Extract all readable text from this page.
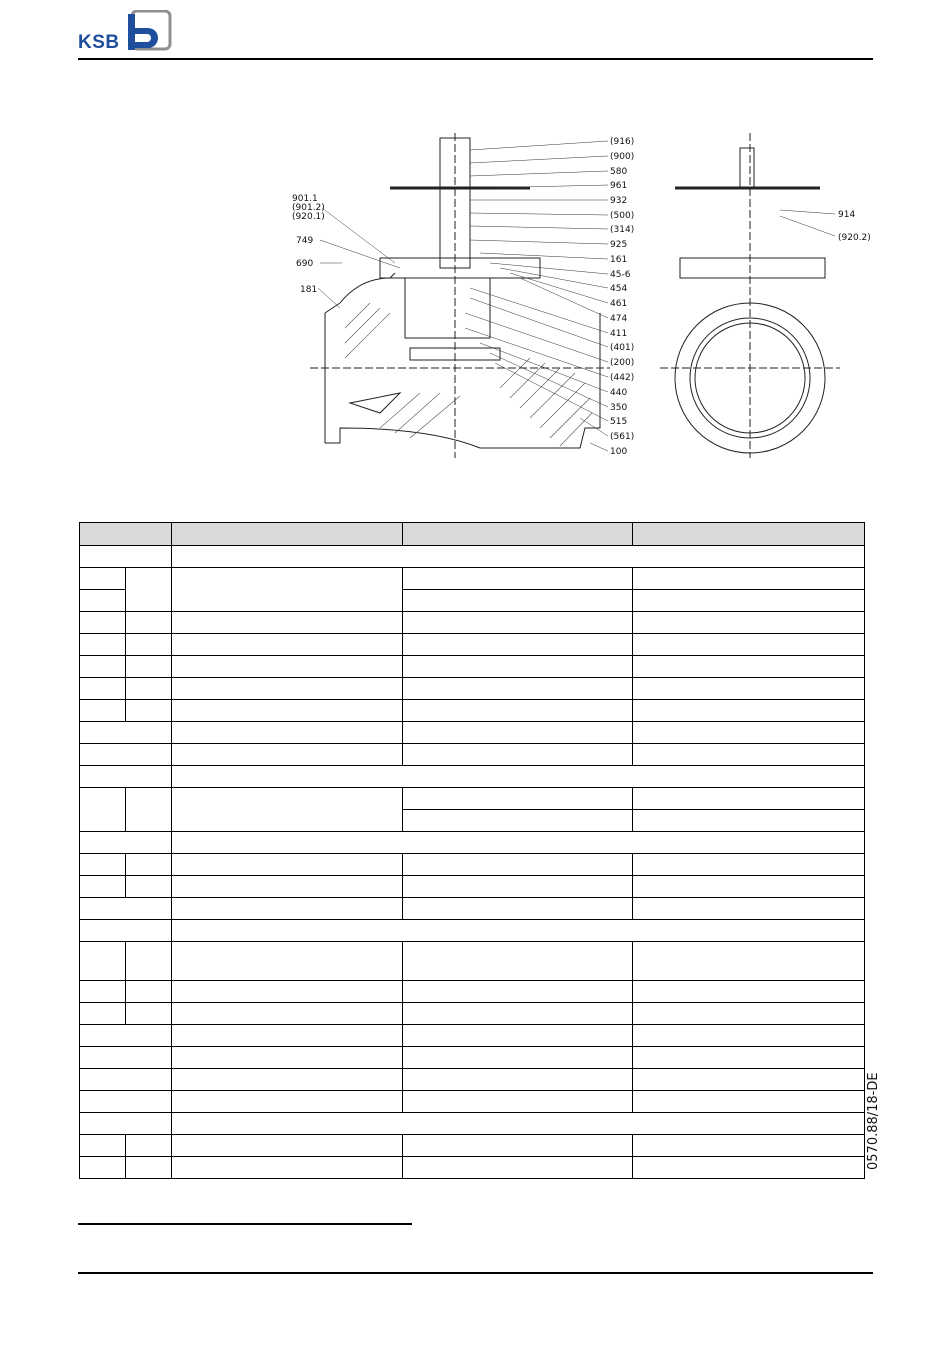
KSB
901.1
(901.2)
(920.1)
749
690
181
(916)
(900)
580
961
932
(500)
(314)
925
161
45-6
454
461
474
411
(401)
(200)
(442)
440
350
515
(561)
100
914
(920.2)

0570.88/18-DE
